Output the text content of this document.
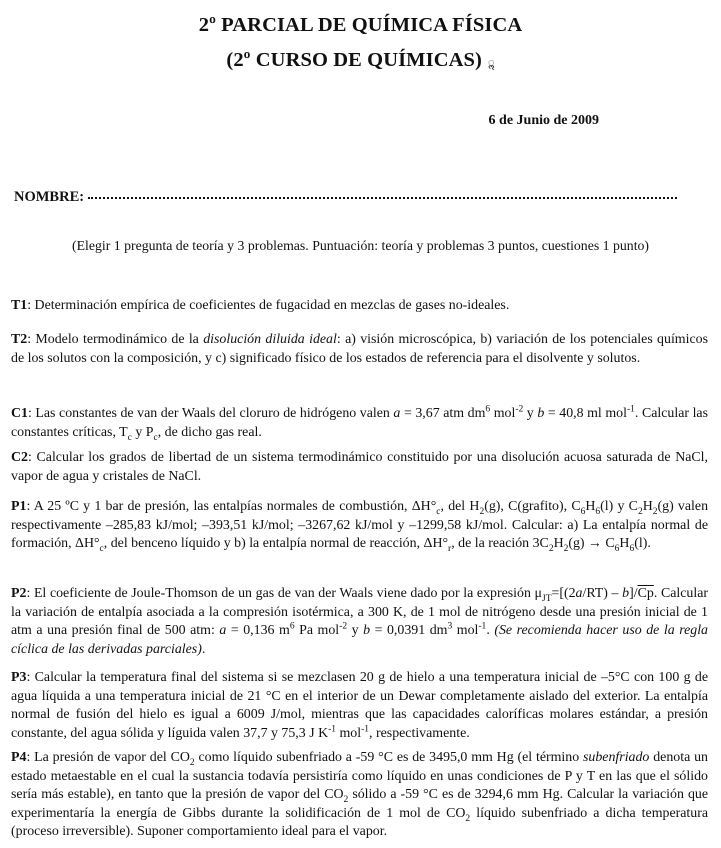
2º PARCIAL DE QUÍMICA FÍSICA
(2º CURSO DE QUÍMICAS) ॢ
6 de Junio de 2009
NOMBRE:
(Elegir 1 pregunta de teoría y 3 problemas. Puntuación: teoría y problemas 3 puntos, cuestiones 1 punto)
T1: Determinación empírica de coeficientes de fugacidad en mezclas de gases no-ideales.
T2: Modelo termodinámico de la disolución diluida ideal: a) visión microscópica, b) variación de los potenciales químicos de los solutos con la composición, y c) significado físico de los estados de referencia para el disolvente y solutos.
C1: Las constantes de van der Waals del cloruro de hidrógeno valen a = 3,67 atm $dm^6$ mol$^{-2}$ y b = 40,8 ml mol$^{-1}$. Calcular las constantes críticas, $T_c$ y $P_c$, de dicho gas real.
C2: Calcular los grados de libertad de un sistema termodinámico constituido por una disolución acuosa saturada de NaCl, vapor de agua y cristales de NaCl.
P1: A 25 ºC y 1 bar de presión, las entalpías normales de combustión, $\Delta H^\circ_c$, del $H_2(g)$, C(grafito), $C_6H_6(l)$ y $C_2H_2(g)$ valen respectivamente –285,83 kJ/mol; –393,51 kJ/mol; –3267,62 kJ/mol y –1299,58 kJ/mol. Calcular: a) La entalpía normal de formación, $\Delta H^\circ_c$, del benceno líquido y b) la entalpía normal de reacción, $\Delta H^\circ_r$, de la reación $3C_2H_2(g) \to C_6H_6(l)$.
P2: El coeficiente de Joule-Thomson de un gas de van der Waals viene dado por la expresión $\mu_{JT}=[(2a/RT) - b]/\overline{Cp}$. Calcular la variación de entalpía asociada a la compresión isotérmica, a 300 K, de 1 mol de nitrógeno desde una presión inicial de 1 atm a una presión final de 500 atm: a = 0,136 $m^6$ Pa mol$^{-2}$ y b = 0,0391 $dm^3$ mol$^{-1}$. (Se recomienda hacer uso de la regla cíclica de las derivadas parciales).
P3: Calcular la temperatura final del sistema si se mezclasen 20 g de hielo a una temperatura inicial de –5°C con 100 g de agua líquida a una temperatura inicial de 21 °C en el interior de un Dewar completamente aislado del exterior. La entalpía normal de fusión del hielo es igual a 6009 J/mol, mientras que las capacidades caloríficas molares estándar, a presión constante, del agua sólida y líguida valen 37,7 y 75,3 J $K^{-1}$ mol$^{-1}$, respectivamente.
P4: La presión de vapor del $CO_2$ como líquido subenfriado a -59 °C es de 3495,0 mm Hg (el término subenfriado denota un estado metaestable en el cual la sustancia todavía persistiría como líquido en unas condiciones de P y T en las que el sólido sería más estable), en tanto que la presión de vapor del $CO_2$ sólido a -59 °C es de 3294,6 mm Hg. Calcular la variación que experimentaría la energía de Gibbs durante la solidificación de 1 mol de $CO_2$ líquido subenfriado a dicha temperatura (proceso irreversible). Suponer comportamiento ideal para el vapor.
